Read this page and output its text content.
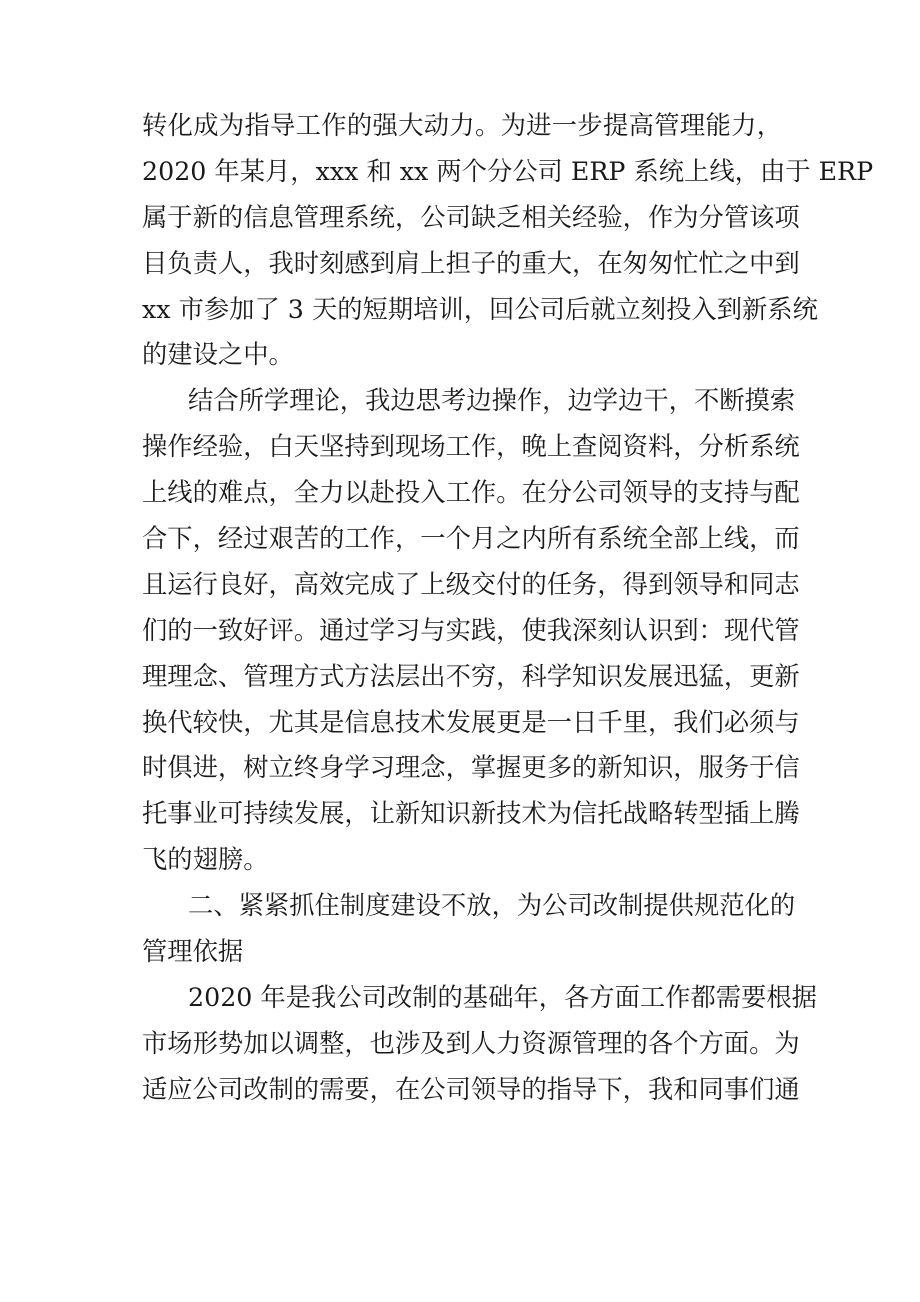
转化成为指导工作的强大动力。为进一步提高管理能力，
2020 年某月，xxx 和 xx 两个分公司 ERP 系统上线，由于 ERP
属于新的信息管理系统，公司缺乏相关经验，作为分管该项
目负责人，我时刻感到肩上担子的重大，在匆匆忙忙之中到
xx 市参加了 3 天的短期培训，回公司后就立刻投入到新系统
的建设之中。
结合所学理论，我边思考边操作，边学边干，不断摸索
操作经验，白天坚持到现场工作，晚上查阅资料，分析系统
上线的难点，全力以赴投入工作。在分公司领导的支持与配
合下，经过艰苦的工作，一个月之内所有系统全部上线，而
且运行良好，高效完成了上级交付的任务，得到领导和同志
们的一致好评。通过学习与实践，使我深刻认识到：现代管
理理念、管理方式方法层出不穷，科学知识发展迅猛，更新
换代较快，尤其是信息技术发展更是一日千里，我们必须与
时俱进，树立终身学习理念，掌握更多的新知识，服务于信
托事业可持续发展，让新知识新技术为信托战略转型插上腾
飞的翅膀。
二、紧紧抓住制度建设不放，为公司改制提供规范化的
管理依据
2020 年是我公司改制的基础年，各方面工作都需要根据
市场形势加以调整，也涉及到人力资源管理的各个方面。为
适应公司改制的需要，在公司领导的指导下，我和同事们通
